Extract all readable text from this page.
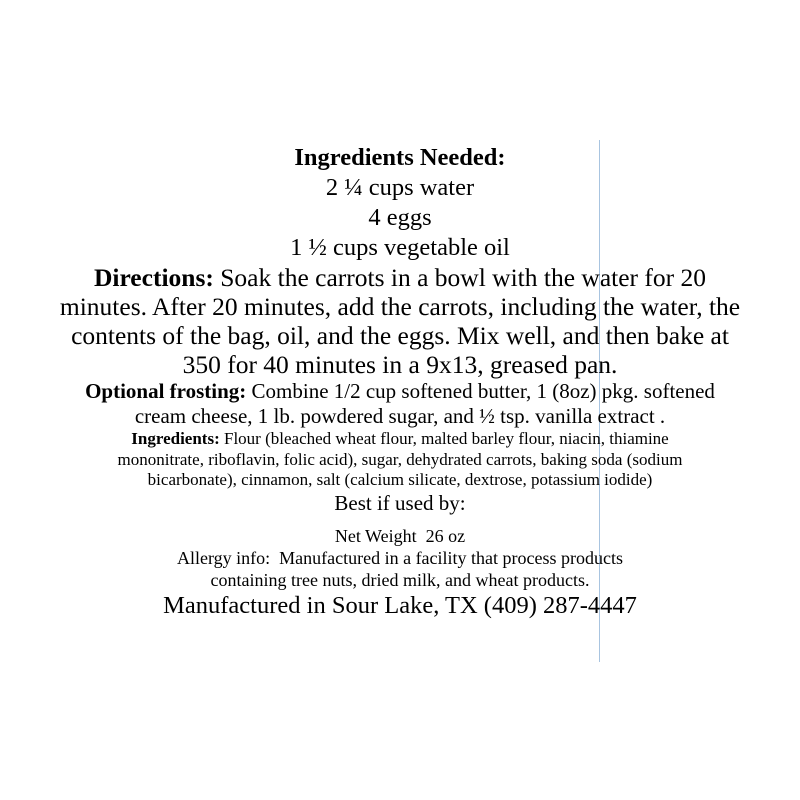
Ingredients Needed:
2 ¼ cups water
4 eggs
1 ½ cups vegetable oil
Directions: Soak the carrots in a bowl with the water for 20
minutes. After 20 minutes, add the carrots, including the water, the
contents of the bag, oil, and the eggs. Mix well, and then bake at
350 for 40 minutes in a 9x13, greased pan.
Optional frosting: Combine 1/2 cup softened butter, 1 (8oz) pkg. softened
cream cheese, 1 lb. powdered sugar, and ½ tsp. vanilla extract .
Ingredients: Flour (bleached wheat flour, malted barley flour, niacin, thiamine
mononitrate, riboflavin, folic acid), sugar, dehydrated carrots, baking soda (sodium
bicarbonate), cinnamon, salt (calcium silicate, dextrose, potassium iodide)
Best if used by:
Net Weight  26 oz
Allergy info:  Manufactured in a facility that process products
containing tree nuts, dried milk, and wheat products.
Manufactured in Sour Lake, TX (409) 287-4447
